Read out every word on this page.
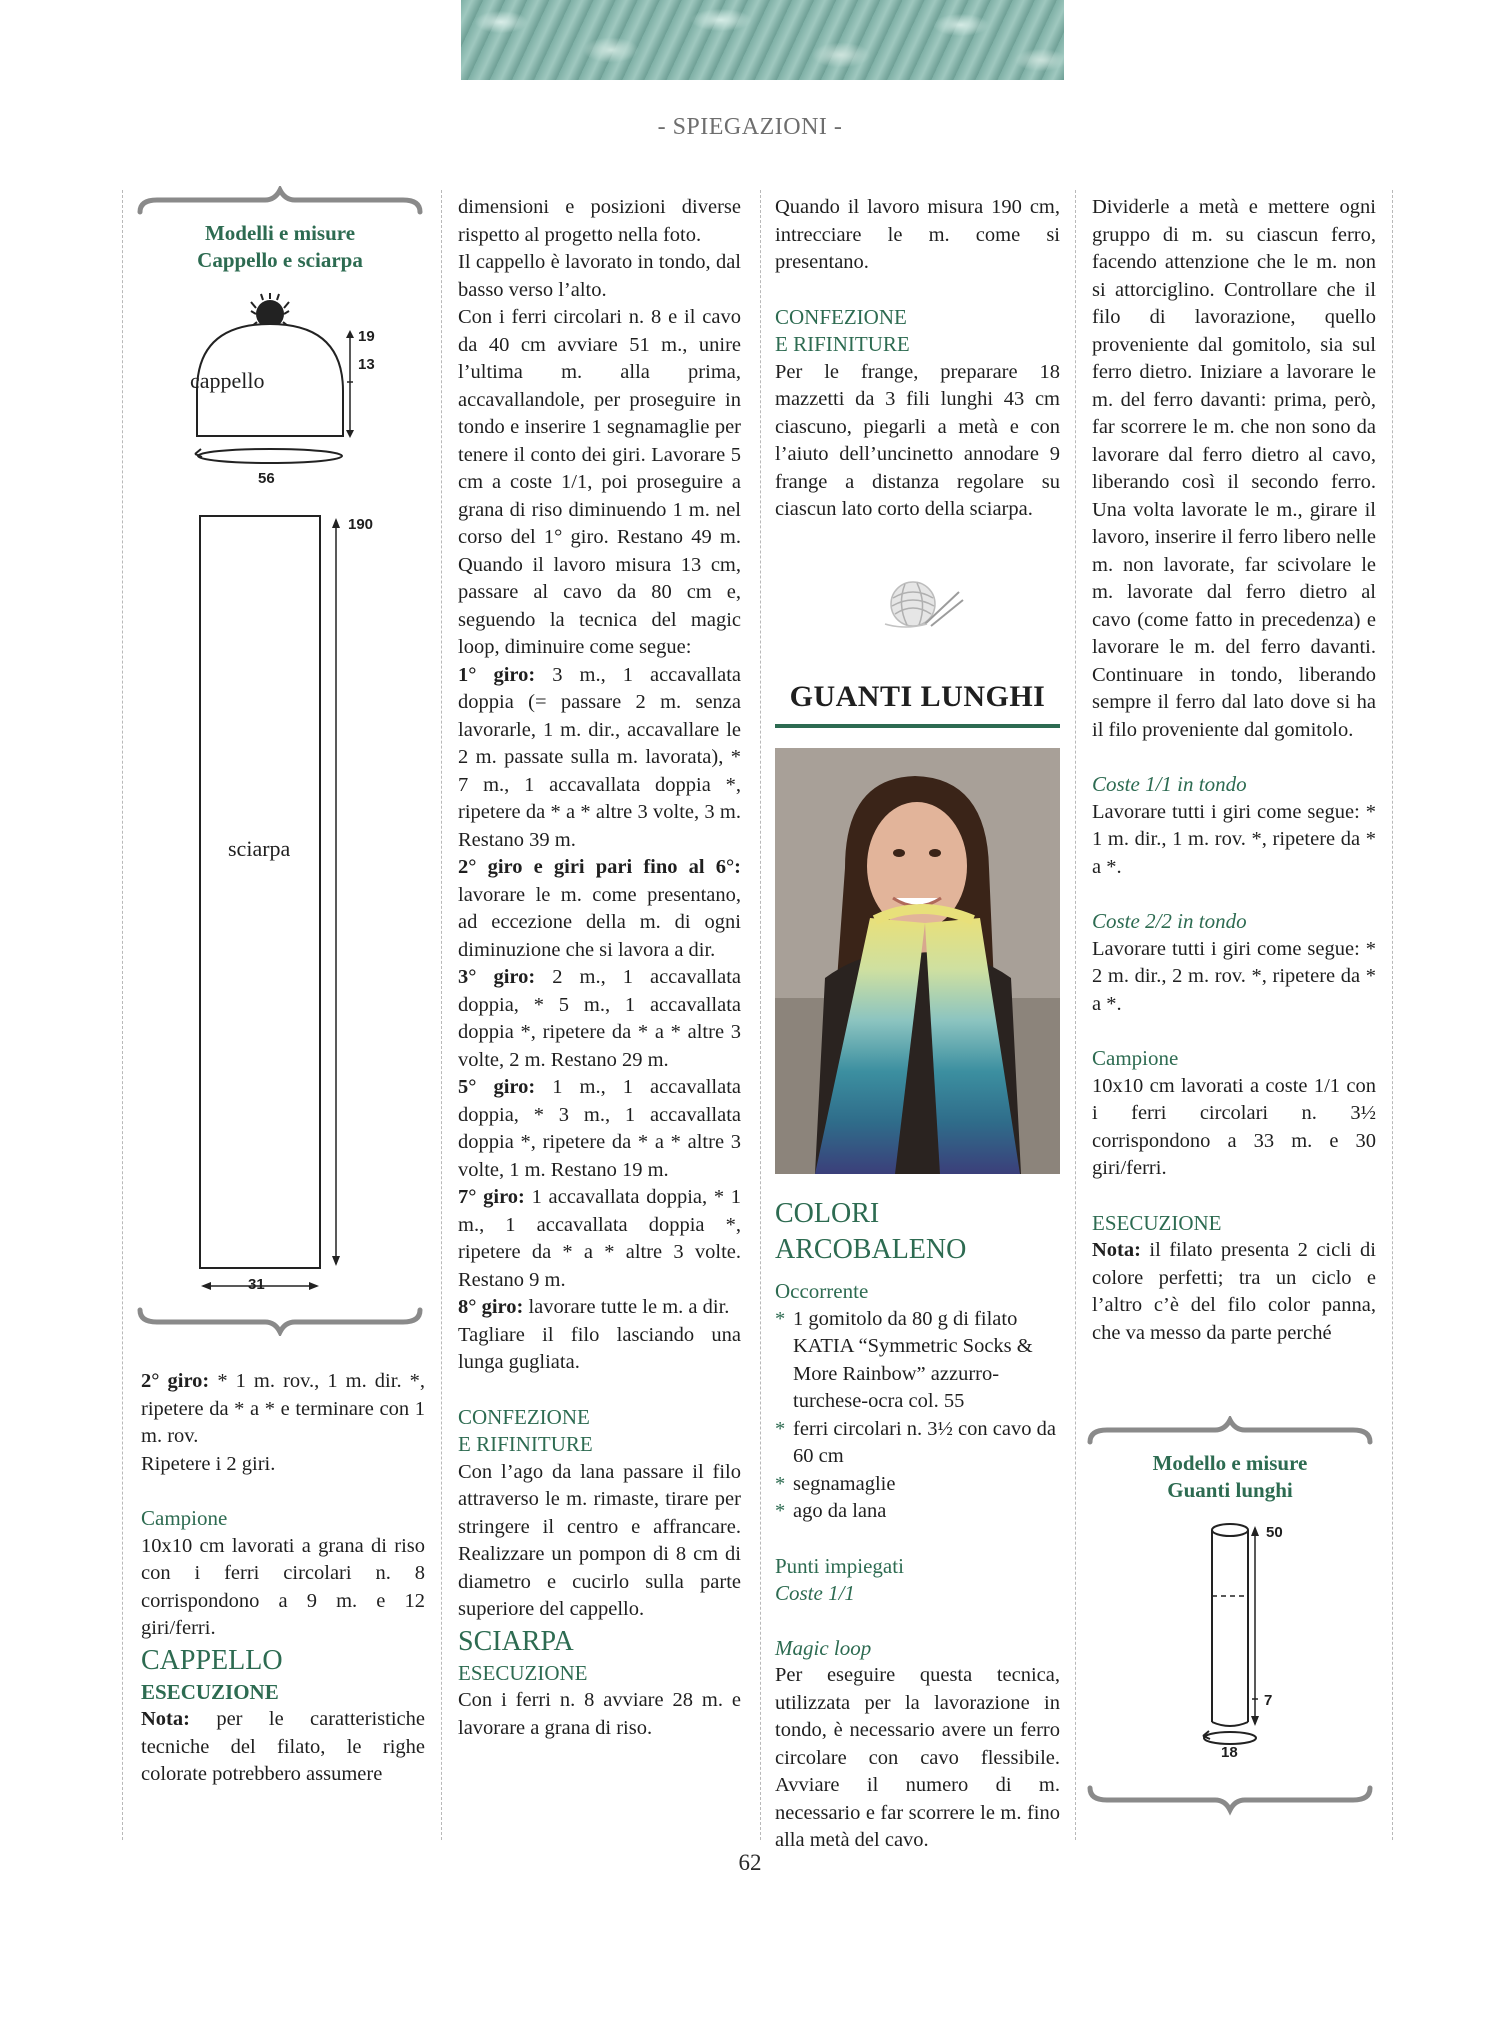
- SPIEGAZIONI -
Modelli e misure
Cappello e sciarpa
cappello
19
13
56
sciarpa
190
31

2° giro: * 1 m. rov., 1 m. dir. *, ripetere da * a * e terminare con 1 m. rov.

Ripetere i 2 giri.

Campione

10x10 cm lavorati a grana di riso con i ferri circolari n. 8 corrispondono a 9 m. e 12 giri/ferri.

CAPPELLO

ESECUZIONE

Nota: per le caratteristiche tecniche del filato, le righe colorate potrebbero assumere

dimensioni e posizioni diverse rispetto al progetto nella foto.

Il cappello è lavorato in tondo, dal basso verso l’alto.

Con i ferri circolari n. 8 e il cavo da 40 cm avviare 51 m., unire l’ultima m. alla prima, accavallandole, per proseguire in tondo e inserire 1 segnamaglie per tenere il conto dei giri. Lavorare 5 cm a coste 1/1, poi proseguire a grana di riso diminuendo 1 m. nel corso del 1° giro. Restano 49 m. Quando il lavoro misura 13 cm, passare al cavo da 80 cm e, seguendo la tecnica del magic loop, diminuire come segue:

1° giro: 3 m., 1 accavallata doppia (= passare 2 m. senza lavorarle, 1 m. dir., accavallare le 2 m. passate sulla m. lavorata), * 7 m., 1 accavallata doppia *, ripetere da * a * altre 3 volte, 3 m. Restano 39 m.

2° giro e giri pari fino al 6°: lavorare le m. come presentano, ad eccezione della m. di ogni diminuzione che si lavora a dir.

3° giro: 2 m., 1 accavallata doppia, * 5 m., 1 accavallata doppia *, ripetere da * a * altre 3 volte, 2 m. Restano 29 m.

5° giro: 1 m., 1 accavallata doppia, * 3 m., 1 accavallata doppia *, ripetere da * a * altre 3 volte, 1 m. Restano 19 m.

7° giro: 1 accavallata doppia, * 1 m., 1 accavallata doppia *, ripetere da * a * altre 3 volte. Restano 9 m.

8° giro: lavorare tutte le m. a dir.

Tagliare il filo lasciando una lunga gugliata.

CONFEZIONE

E RIFINITURE

Con l’ago da lana passare il filo attraverso le m. rimaste, tirare per stringere il centro e affrancare. Realizzare un pompon di 8 cm di diametro e cucirlo sulla parte superiore del cappello.

SCIARPA

ESECUZIONE

Con i ferri n. 8 avviare 28 m. e lavorare a grana di riso.

Quando il lavoro misura 190 cm, intrecciare le m. come si presentano.

CONFEZIONE

E RIFINITURE

Per le frange, preparare 18 mazzetti da 3 fili lunghi 43 cm ciascuno, piegarli a metà e con l’aiuto dell’uncinetto annodare 9 frange a distanza regolare su ciascun lato corto della sciarpa.

GUANTI LUNGHI

COLORI ARCOBALENO

Occorrente

* 1 gomitolo da 80 g di filato KATIA “Symmetric Socks & More Rainbow” azzurro-turchese-ocra col. 55
* ferri circolari n. 3½ con cavo da 60 cm
* segnamaglie
* ago da lana

Punti impiegati

Coste 1/1

Magic loop

Per eseguire questa tecnica, utilizzata per la lavorazione in tondo, è necessario avere un ferro circolare con cavo flessibile. Avviare il numero di m. necessario e far scorrere le m. fino alla metà del cavo.

Dividerle a metà e mettere ogni gruppo di m. su ciascun ferro, facendo attenzione che le m. non si attorciglino. Controllare che il filo di lavorazione, quello proveniente dal gomitolo, sia sul ferro dietro. Iniziare a lavorare le m. del ferro davanti: prima, però, far scorrere le m. che non sono da lavorare dal ferro dietro al cavo, liberando così il secondo ferro. Una volta lavorate le m., girare il lavoro, inserire il ferro libero nelle m. non lavorate, far scivolare le m. lavorate dal ferro dietro al cavo (come fatto in precedenza) e lavorare le m. del ferro davanti. Continuare in tondo, liberando sempre il ferro dal lato dove si ha il filo proveniente dal gomitolo.

Coste 1/1 in tondo

Lavorare tutti i giri come segue: * 1 m. dir., 1 m. rov. *, ripetere da * a *.

Coste 2/2 in tondo

Lavorare tutti i giri come segue: * 2 m. dir., 2 m. rov. *, ripetere da * a *.

Campione

10x10 cm lavorati a coste 1/1 con i ferri circolari n. 3½ corrispondono a 33 m. e 30 giri/ferri.

ESECUZIONE

Nota: il filato presenta 2 cicli di colore perfetti; tra un ciclo e l’altro c’è del filo color panna, che va messo da parte perché

Modello e misure
Guanti lunghi
50
7
18
62
